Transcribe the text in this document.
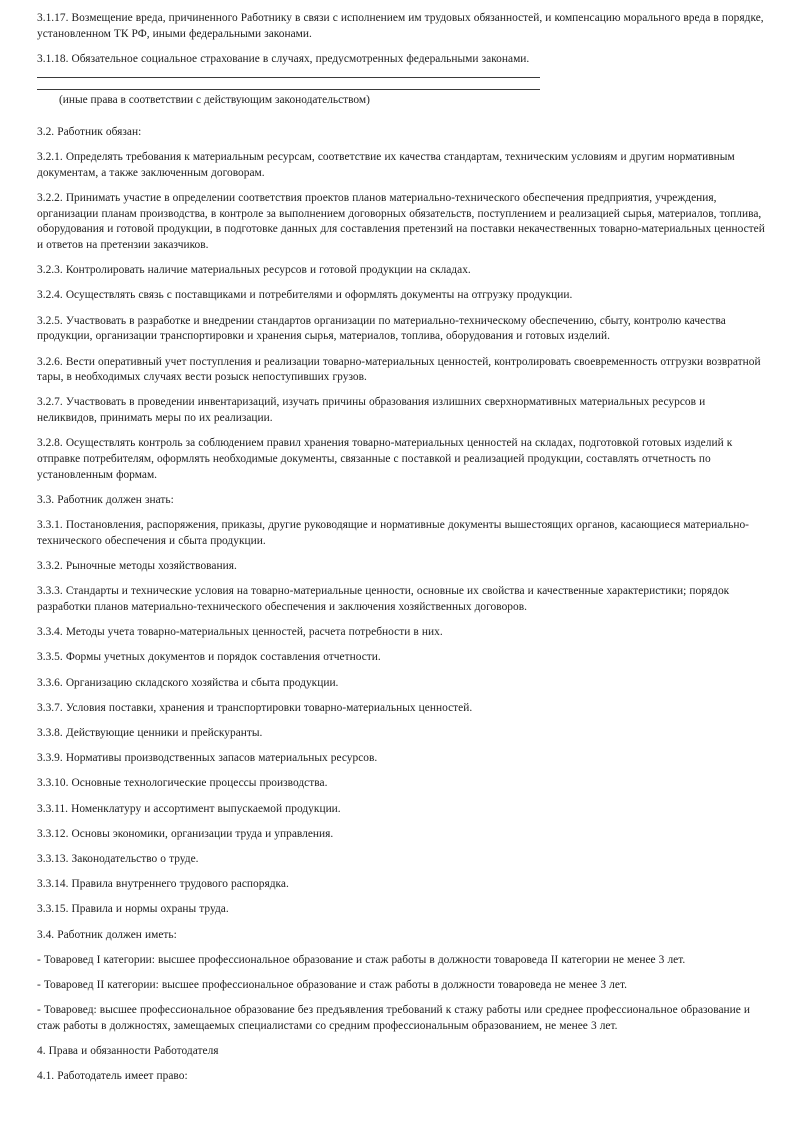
3.1.17. Возмещение вреда, причиненного Работнику в связи с исполнением им трудовых обязанностей, и компенсацию морального вреда в порядке, установленном ТК РФ, иными федеральными законами.

3.1.18. Обязательное социальное страхование в случаях, предусмотренных федеральными законами.

(иные права в соответствии с действующим законодательством)

3.2. Работник обязан:

3.2.1. Определять требования к материальным ресурсам, соответствие их качества стандартам, техническим условиям и другим нормативным документам, а также заключенным договорам.

3.2.2. Принимать участие в определении соответствия проектов планов материально-технического обеспечения предприятия, учреждения, организации планам производства, в контроле за выполнением договорных обязательств, поступлением и реализацией сырья, материалов, топлива, оборудования и готовой продукции, в подготовке данных для составления претензий на поставки некачественных товарно-материальных ценностей и ответов на претензии заказчиков.

3.2.3. Контролировать наличие материальных ресурсов и готовой продукции на складах.

3.2.4. Осуществлять связь с поставщиками и потребителями и оформлять документы на отгрузку продукции.

3.2.5. Участвовать в разработке и внедрении стандартов организации по материально-техническому обеспечению, сбыту, контролю качества продукции, организации транспортировки и хранения сырья, материалов, топлива, оборудования и готовых изделий.

3.2.6. Вести оперативный учет поступления и реализации товарно-материальных ценностей, контролировать своевременность отгрузки возвратной тары, в необходимых случаях вести розыск непоступивших грузов.

3.2.7. Участвовать в проведении инвентаризаций, изучать причины образования излишних сверхнормативных материальных ресурсов и неликвидов, принимать меры по их реализации.

3.2.8. Осуществлять контроль за соблюдением правил хранения товарно-материальных ценностей на складах, подготовкой готовых изделий к отправке потребителям, оформлять необходимые документы, связанные с поставкой и реализацией продукции, составлять отчетность по установленным формам.

3.3. Работник должен знать:

3.3.1. Постановления, распоряжения, приказы, другие руководящие и нормативные документы вышестоящих органов, касающиеся материально-технического обеспечения и сбыта продукции.

3.3.2. Рыночные методы хозяйствования.

3.3.3. Стандарты и технические условия на товарно-материальные ценности, основные их свойства и качественные характеристики; порядок разработки планов материально-технического обеспечения и заключения хозяйственных договоров.

3.3.4. Методы учета товарно-материальных ценностей, расчета потребности в них.

3.3.5. Формы учетных документов и порядок составления отчетности.

3.3.6. Организацию складского хозяйства и сбыта продукции.

3.3.7. Условия поставки, хранения и транспортировки товарно-материальных ценностей.

3.3.8. Действующие ценники и прейскуранты.

3.3.9. Нормативы производственных запасов материальных ресурсов.

3.3.10. Основные технологические процессы производства.

3.3.11. Номенклатуру и ассортимент выпускаемой продукции.

3.3.12. Основы экономики, организации труда и управления.

3.3.13. Законодательство о труде.

3.3.14. Правила внутреннего трудового распорядка.

3.3.15. Правила и нормы охраны труда.

3.4. Работник должен иметь:

- Товаровед I категории: высшее профессиональное образование и стаж работы в должности товароведа II категории не менее 3 лет.

- Товаровед II категории: высшее профессиональное образование и стаж работы в должности товароведа не менее 3 лет.

- Товаровед: высшее профессиональное образование без предъявления требований к стажу работы или среднее профессиональное образование и стаж работы в должностях, замещаемых специалистами со средним профессиональным образованием, не менее 3 лет.

4. Права и обязанности Работодателя

4.1. Работодатель имеет право:
